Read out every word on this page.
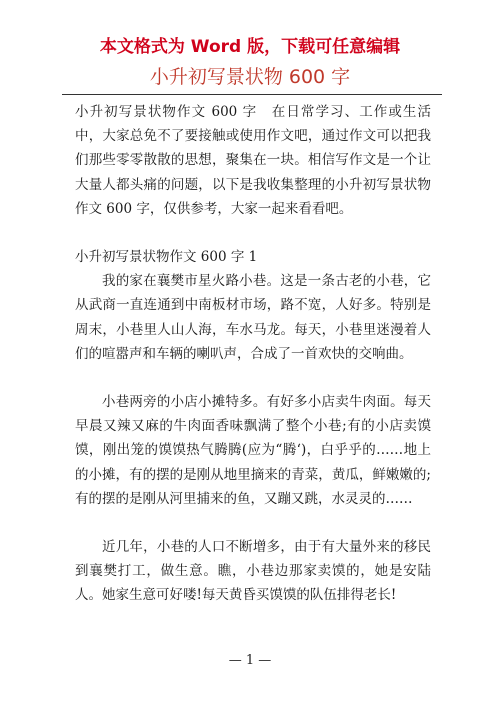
本文格式为 Word 版，下载可任意编辑
小升初写景状物 600 字

小升初写景状物作文 600 字　在日常学习、工作或生活中，大家总免不了要接触或使用作文吧，通过作文可以把我们那些零零散散的思想，聚集在一块。相信写作文是一个让大量人都头痛的问题，以下是我收集整理的小升初写景状物作文 600 字，仅供参考，大家一起来看看吧。

小升初写景状物作文 600 字 1

我的家在襄樊市星火路小巷。这是一条古老的小巷，它从武商一直连通到中南板材市场，路不宽，人好多。特别是周末，小巷里人山人海，车水马龙。每天，小巷里迷漫着人们的喧嚣声和车辆的喇叭声，合成了一首欢快的交响曲。

小巷两旁的小店小摊特多。有好多小店卖牛肉面。每天早晨又辣又麻的牛肉面香味飘满了整个小巷;有的小店卖馍馍，刚出笼的馍馍热气腾腾(应为“腾‘)，白乎乎的……地上的小摊，有的摆的是刚从地里摘来的青菜，黄瓜，鲜嫩嫩的;有的摆的是刚从河里捕来的鱼，又蹦又跳，水灵灵的……

近几年，小巷的人口不断增多，由于有大量外来的移民到襄樊打工，做生意。瞧，小巷边那家卖馍的，她是安陆人。她家生意可好喽!每天黄昏买馍馍的队伍排得老长!

— 1 —
